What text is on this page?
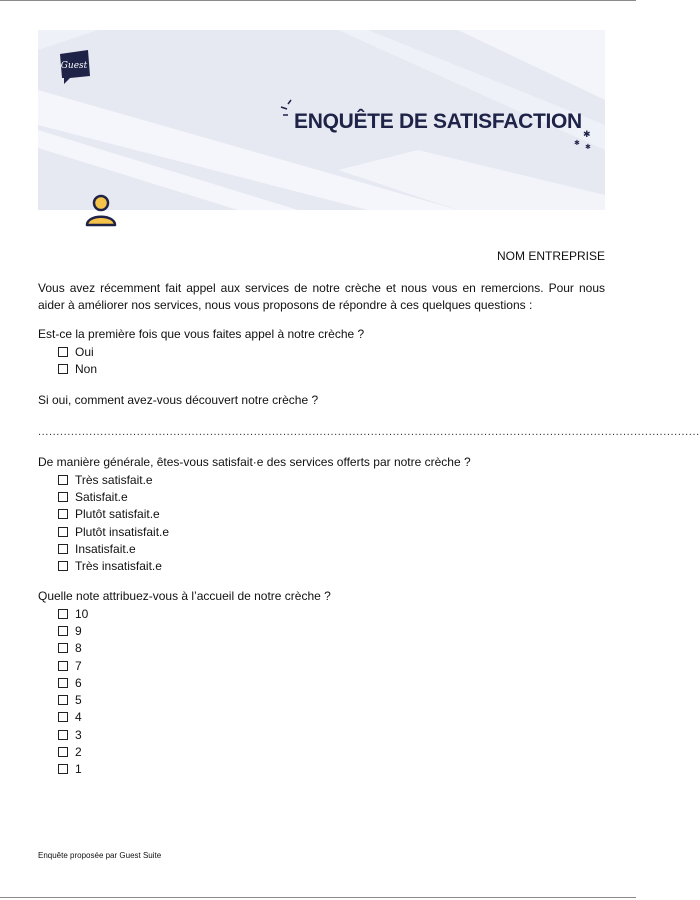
Guest
ENQUÊTE DE SATISFACTION
✱
✱ ✱
NOM ENTREPRISE

Vous avez récemment fait appel aux services de notre crèche et nous vous en remercions. Pour nous aider à améliorer nos services, nous vous proposons de répondre à ces quelques questions :

Est-ce la première fois que vous faites appel à notre crèche ?

Oui
Non

Si oui, comment avez-vous découvert notre crèche ?

.....................................................................................................................................................................................

De manière générale, êtes-vous satisfait·e des services offerts par notre crèche ?

Très satisfait.e
Satisfait.e
Plutôt satisfait.e
Plutôt insatisfait.e
Insatisfait.e
Très insatisfait.e

Quelle note attribuez-vous à l’accueil de notre crèche ?

10
9
8
7
6
5
4
3
2
1
Enquête proposée par Guest Suite
